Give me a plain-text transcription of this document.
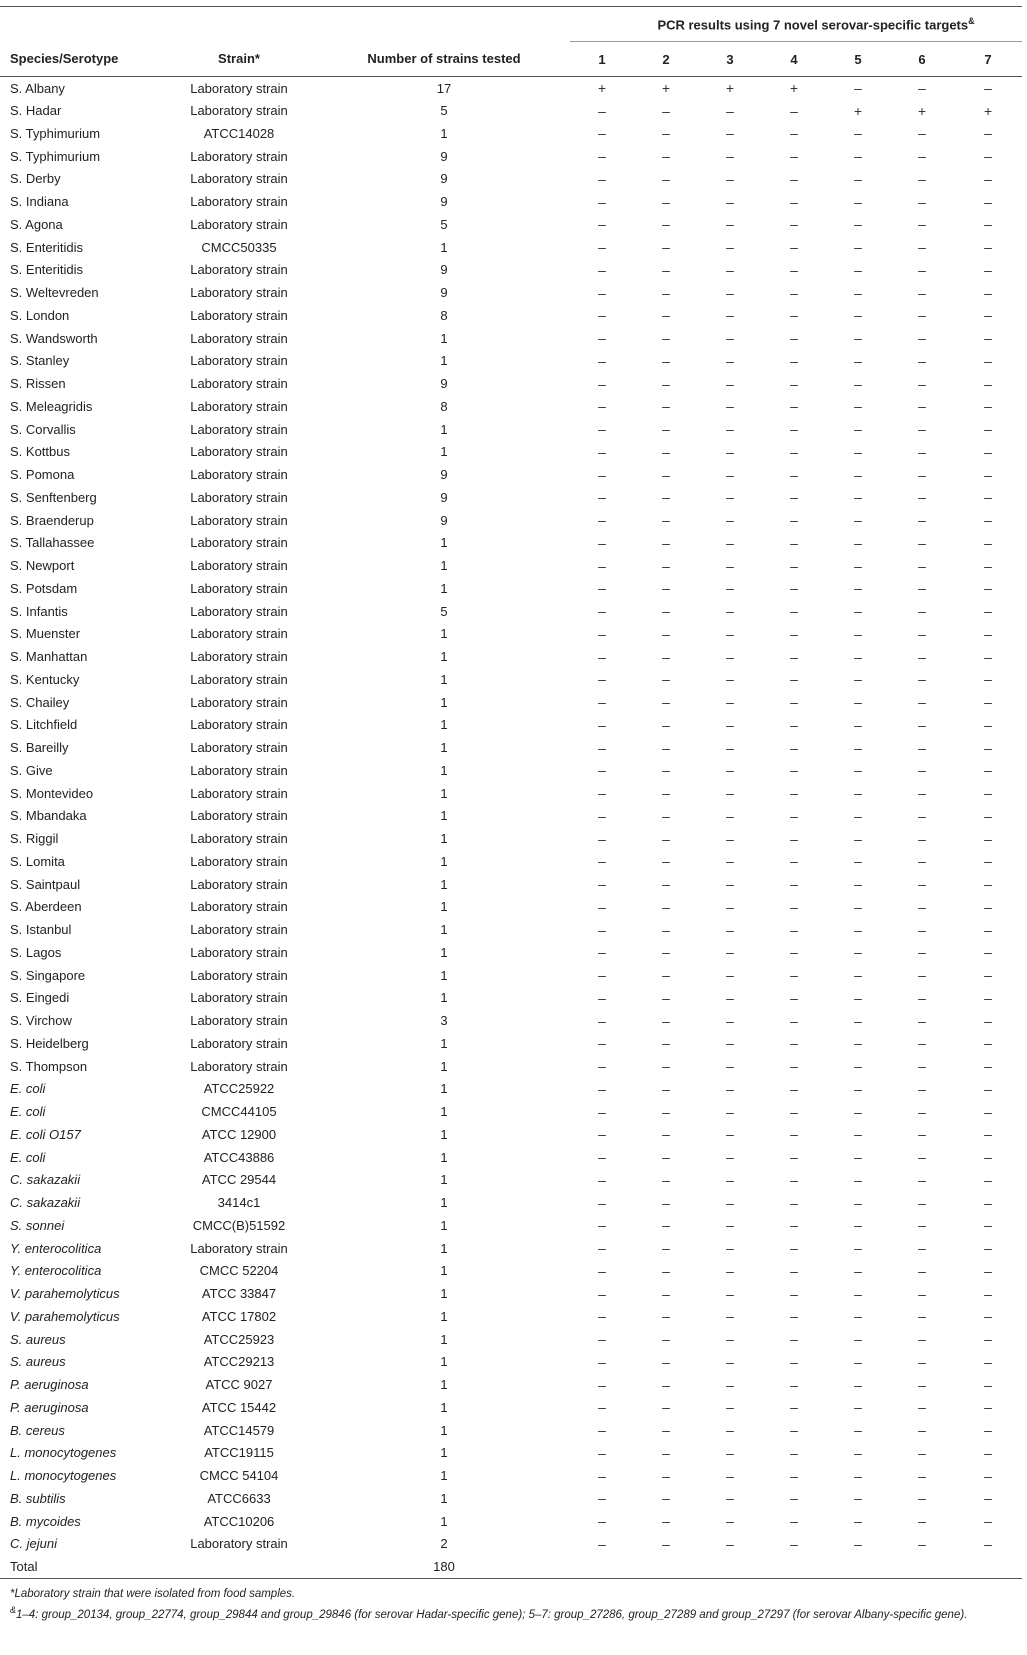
			PCR results using 7 novel serovar-specific targets&
Species/Serotype	Strain*	Number of strains tested	1	2	3	4	5	6	7
S. Albany	Laboratory strain	17	+	+	+	+	–	–	–
S. Hadar	Laboratory strain	5	–	–	–	–	+	+	+
S. Typhimurium	ATCC14028	1	–	–	–	–	–	–	–
S. Typhimurium	Laboratory strain	9	–	–	–	–	–	–	–
S. Derby	Laboratory strain	9	–	–	–	–	–	–	–
S. Indiana	Laboratory strain	9	–	–	–	–	–	–	–
S. Agona	Laboratory strain	5	–	–	–	–	–	–	–
S. Enteritidis	CMCC50335	1	–	–	–	–	–	–	–
S. Enteritidis	Laboratory strain	9	–	–	–	–	–	–	–
S. Weltevreden	Laboratory strain	9	–	–	–	–	–	–	–
S. London	Laboratory strain	8	–	–	–	–	–	–	–
S. Wandsworth	Laboratory strain	1	–	–	–	–	–	–	–
S. Stanley	Laboratory strain	1	–	–	–	–	–	–	–
S. Rissen	Laboratory strain	9	–	–	–	–	–	–	–
S. Meleagridis	Laboratory strain	8	–	–	–	–	–	–	–
S. Corvallis	Laboratory strain	1	–	–	–	–	–	–	–
S. Kottbus	Laboratory strain	1	–	–	–	–	–	–	–
S. Pomona	Laboratory strain	9	–	–	–	–	–	–	–
S. Senftenberg	Laboratory strain	9	–	–	–	–	–	–	–
S. Braenderup	Laboratory strain	9	–	–	–	–	–	–	–
S. Tallahassee	Laboratory strain	1	–	–	–	–	–	–	–
S. Newport	Laboratory strain	1	–	–	–	–	–	–	–
S. Potsdam	Laboratory strain	1	–	–	–	–	–	–	–
S. Infantis	Laboratory strain	5	–	–	–	–	–	–	–
S. Muenster	Laboratory strain	1	–	–	–	–	–	–	–
S. Manhattan	Laboratory strain	1	–	–	–	–	–	–	–
S. Kentucky	Laboratory strain	1	–	–	–	–	–	–	–
S. Chailey	Laboratory strain	1	–	–	–	–	–	–	–
S. Litchfield	Laboratory strain	1	–	–	–	–	–	–	–
S. Bareilly	Laboratory strain	1	–	–	–	–	–	–	–
S. Give	Laboratory strain	1	–	–	–	–	–	–	–
S. Montevideo	Laboratory strain	1	–	–	–	–	–	–	–
S. Mbandaka	Laboratory strain	1	–	–	–	–	–	–	–
S. Riggil	Laboratory strain	1	–	–	–	–	–	–	–
S. Lomita	Laboratory strain	1	–	–	–	–	–	–	–
S. Saintpaul	Laboratory strain	1	–	–	–	–	–	–	–
S. Aberdeen	Laboratory strain	1	–	–	–	–	–	–	–
S. Istanbul	Laboratory strain	1	–	–	–	–	–	–	–
S. Lagos	Laboratory strain	1	–	–	–	–	–	–	–
S. Singapore	Laboratory strain	1	–	–	–	–	–	–	–
S. Eingedi	Laboratory strain	1	–	–	–	–	–	–	–
S. Virchow	Laboratory strain	3	–	–	–	–	–	–	–
S. Heidelberg	Laboratory strain	1	–	–	–	–	–	–	–
S. Thompson	Laboratory strain	1	–	–	–	–	–	–	–
E. coli	ATCC25922	1	–	–	–	–	–	–	–
E. coli	CMCC44105	1	–	–	–	–	–	–	–
E. coli O157	ATCC 12900	1	–	–	–	–	–	–	–
E. coli	ATCC43886	1	–	–	–	–	–	–	–
C. sakazakii	ATCC 29544	1	–	–	–	–	–	–	–
C. sakazakii	3414c1	1	–	–	–	–	–	–	–
S. sonnei	CMCC(B)51592	1	–	–	–	–	–	–	–
Y. enterocolitica	Laboratory strain	1	–	–	–	–	–	–	–
Y. enterocolitica	CMCC 52204	1	–	–	–	–	–	–	–
V. parahemolyticus	ATCC 33847	1	–	–	–	–	–	–	–
V. parahemolyticus	ATCC 17802	1	–	–	–	–	–	–	–
S. aureus	ATCC25923	1	–	–	–	–	–	–	–
S. aureus	ATCC29213	1	–	–	–	–	–	–	–
P. aeruginosa	ATCC 9027	1	–	–	–	–	–	–	–
P. aeruginosa	ATCC 15442	1	–	–	–	–	–	–	–
B. cereus	ATCC14579	1	–	–	–	–	–	–	–
L. monocytogenes	ATCC19115	1	–	–	–	–	–	–	–
L. monocytogenes	CMCC 54104	1	–	–	–	–	–	–	–
B. subtilis	ATCC6633	1	–	–	–	–	–	–	–
B. mycoides	ATCC10206	1	–	–	–	–	–	–	–
C. jejuni	Laboratory strain	2	–	–	–	–	–	–	–
Total		180							

*Laboratory strain that were isolated from food samples.

&1–4: group_20134, group_22774, group_29844 and group_29846 (for serovar Hadar-specific gene); 5–7: group_27286, group_27289 and group_27297 (for serovar Albany-specific gene).
